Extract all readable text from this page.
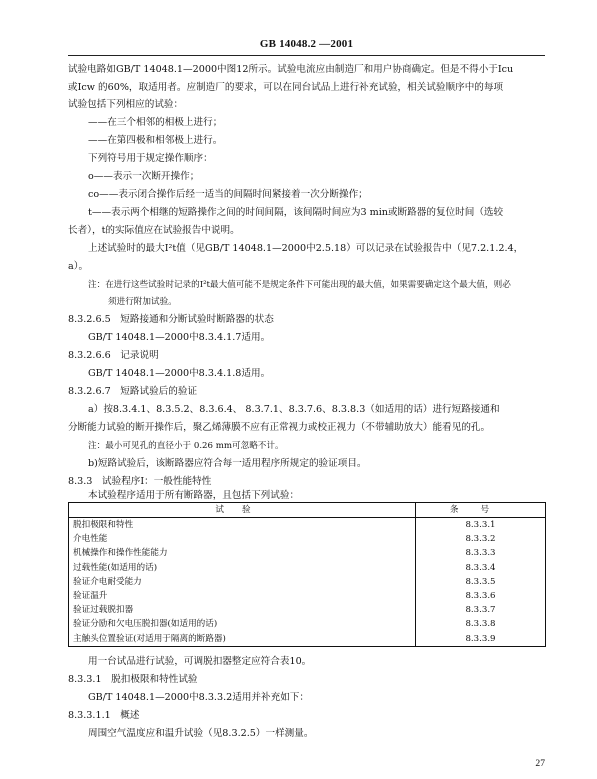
GB 14048.2 —2001
试验电路如GB/T 14048.1—2000中图12所示。试验电流应由制造厂和用户协商确定。但是不得小于Icu
或Icw 的60%，取适用者。应制造厂的要求，可以在同台试品上进行补充试验，相关试验顺序中的每项
试验包括下列相应的试验：
——在三个相邻的相极上进行；
——在第四极和相邻极上进行。
下列符号用于规定操作顺序：
o——表示一次断开操作；
co——表示闭合操作后经一适当的间隔时间紧接着一次分断操作；
t——表示两个相继的短路操作之间的时间间隔，该间隔时间应为3 min或断路器的复位时间（选较
长者），t的实际值应在试验报告中说明。
上述试验时的最大I²t值（见GB/T 14048.1—2000中2.5.18）可以记录在试验报告中（见7.2.1.2.4，
a）。
注：在进行这些试验时记录的I²t最大值可能不是规定条件下可能出现的最大值，如果需要确定这个最大值，则必
须进行附加试验。
8.3.2.6.5　短路接通和分断试验时断路器的状态
GB/T 14048.1—2000中8.3.4.1.7适用。
8.3.2.6.6　记录说明
GB/T 14048.1—2000中8.3.4.1.8适用。
8.3.2.6.7　短路试验后的验证
a）按8.3.4.1、8.3.5.2、8.3.6.4、 8.3.7.1、8.3.7.6、8.3.8.3（如适用的话）进行短路接通和
分断能力试验的断开操作后，聚乙烯薄膜不应有正常视力或校正视力（不带辅助放大）能看见的孔。
注：最小可见孔的直径小于 0.26 mm可忽略不计。
b)短路试验后，该断路器应符合每一适用程序所规定的验证项目。
8.3.3　试验程序Ⅰ：一般性能特性
本试验程序适用于所有断路器，且包括下列试验：
试验	条号
脱扣极限和特性	8.3.3.1
介电性能	8.3.3.2
机械操作和操作性能能力	8.3.3.3
过载性能(如适用的话)	8.3.3.4
验证介电耐受能力	8.3.3.5
验证温升	8.3.3.6
验证过载脱扣器	8.3.3.7
验证分励和欠电压脱扣器(如适用的话)	8.3.3.8
主触头位置验证(对适用于隔离的断路器)	8.3.3.9
用一台试品进行试验，可调脱扣器整定应符合表10。
8.3.3.1　脱扣极限和特性试验
GB/T 14048.1—2000中8.3.3.2适用并补充如下：
8.3.3.1.1　概述
周围空气温度应和温升试验（见8.3.2.5）一样测量。
27
